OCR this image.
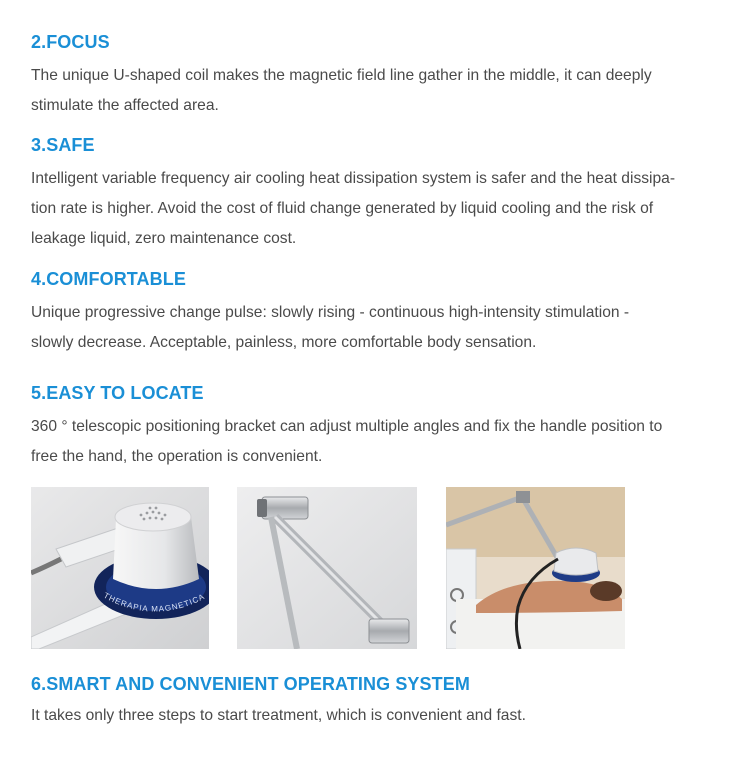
2.FOCUS

The unique U-shaped coil makes the magnetic field line gather in the middle, it can deeply
stimulate the affected area.

3.SAFE

Intelligent variable frequency air cooling heat dissipation system is safer and the heat dissipa-
tion rate is higher. Avoid the cost of fluid change generated by liquid cooling and the risk of
leakage liquid, zero maintenance cost.

4.COMFORTABLE

Unique progressive change pulse: slowly rising - continuous high-intensity stimulation -
slowly decrease. Acceptable, painless, more comfortable body sensation.

5.EASY TO LOCATE

360 ° telescopic positioning bracket can adjust multiple angles and fix the handle position to
free the hand, the operation is convenient.

THERAPIA MAGNETICA
6.SMART AND CONVENIENT OPERATING SYSTEM

It takes only three steps to start treatment, which is convenient and fast.
